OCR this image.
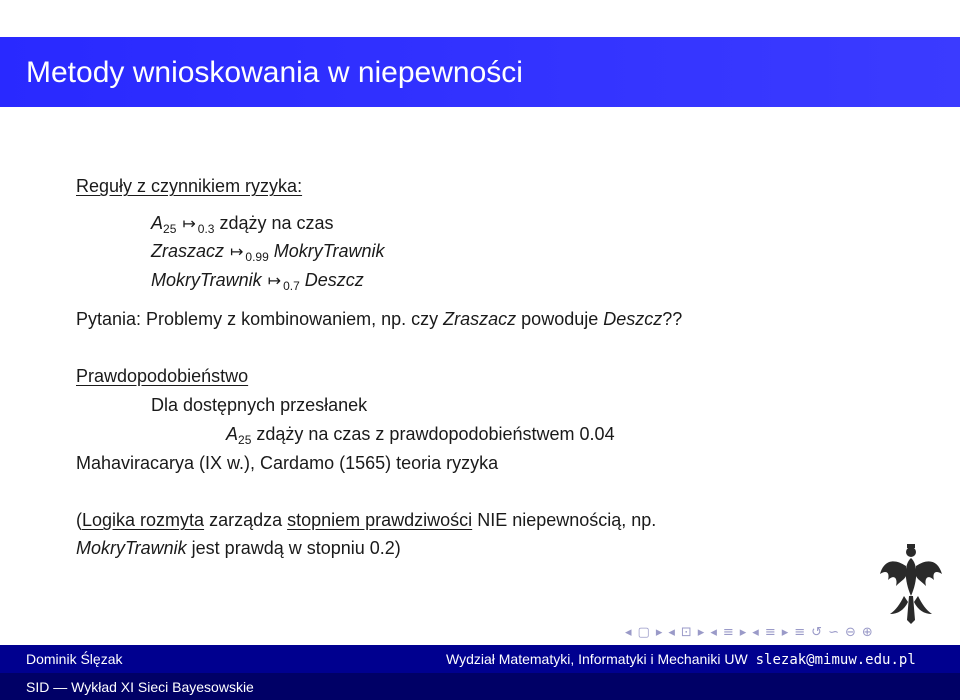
Metody wnioskowania w niepewności
Reguły z czynnikiem ryzyka:
$A_{25}$ ↦ $_{0.3}$ zdąży na czas
Zraszacz ↦ $_{0.99}$ MokryTrawnik
MokryTrawnik ↦ $_{0.7}$ Deszcz
Pytania: Problemy z kombinowaniem, np. czy Zraszacz powoduje Deszcz??
Prawdopodobieństwo
Dla dostępnych przesłanek
$A_{25}$ zdąży na czas z prawdopodobieństwem 0.04
Mahaviracarya (IX w.), Cardamo (1565) teoria ryzyka
(Logika rozmyta zarządza stopniem prawdziwości NIE niepewnością, np.
MokryTrawnik jest prawdą w stopniu 0.2)
◂ ▢ ▸ ◂ ⊡ ▸ ◂ ≡ ▸ ◂ ≡ ▸ ≡ ↺ ∽ ⊖ ⊕
Dominik Ślęzak	Wydział Matematyki, Informatyki i Mechaniki UW slezak@mimuw.edu.pl
SID — Wykład XI Sieci Bayesowskie
